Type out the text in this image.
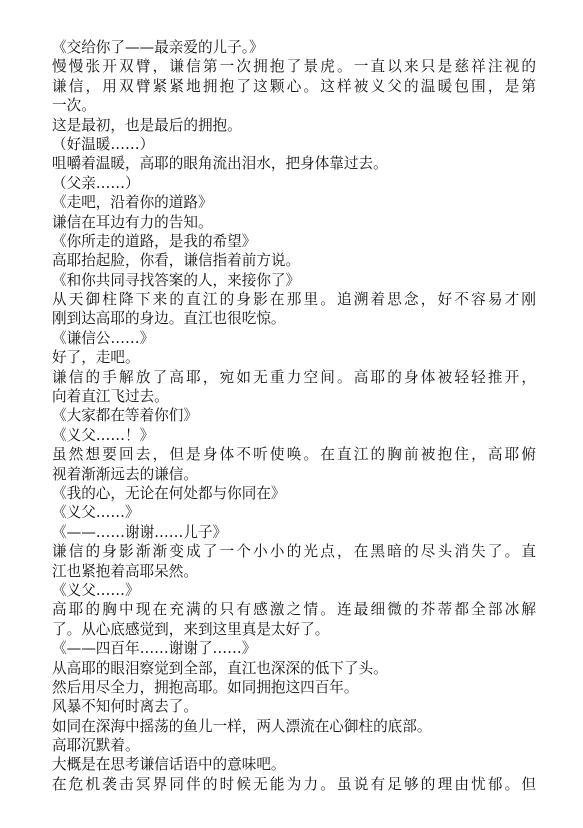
《交给你了——最亲爱的儿子。》
慢慢张开双臂，谦信第一次拥抱了景虎。一直以来只是慈祥注视的
谦信，用双臂紧紧地拥抱了这颗心。这样被义父的温暖包围，是第
一次。
这是最初，也是最后的拥抱。
（好温暖……）
咀嚼着温暖，高耶的眼角流出泪水，把身体靠过去。
（父亲……）
《走吧，沿着你的道路》
谦信在耳边有力的告知。
《你所走的道路，是我的希望》
高耶抬起脸，你看，谦信指着前方说。
《和你共同寻找答案的人，来接你了》
从天御柱降下来的直江的身影在那里。追溯着思念，好不容易才刚
刚到达高耶的身边。直江也很吃惊。
《谦信公……》
好了，走吧。
谦信的手解放了高耶，宛如无重力空间。高耶的身体被轻轻推开，
向着直江飞过去。
《大家都在等着你们》
《义父……！》
虽然想要回去，但是身体不听使唤。在直江的胸前被抱住，高耶俯
视着渐渐远去的谦信。
《我的心，无论在何处都与你同在》
《义父……》
《——……谢谢……儿子》
谦信的身影渐渐变成了一个小小的光点，在黑暗的尽头消失了。直
江也紧抱着高耶呆然。
《义父……》
高耶的胸中现在充满的只有感激之情。连最细微的芥蒂都全部冰解
了。从心底感觉到，来到这里真是太好了。
《——四百年……谢谢了……》
从高耶的眼泪察觉到全部，直江也深深的低下了头。
然后用尽全力，拥抱高耶。如同拥抱这四百年。
风暴不知何时离去了。
如同在深海中摇荡的鱼儿一样，两人漂流在心御柱的底部。
高耶沉默着。
大概是在思考谦信话语中的意味吧。
在危机袭击冥界同伴的时候无能为力。虽说有足够的理由忧郁。但
